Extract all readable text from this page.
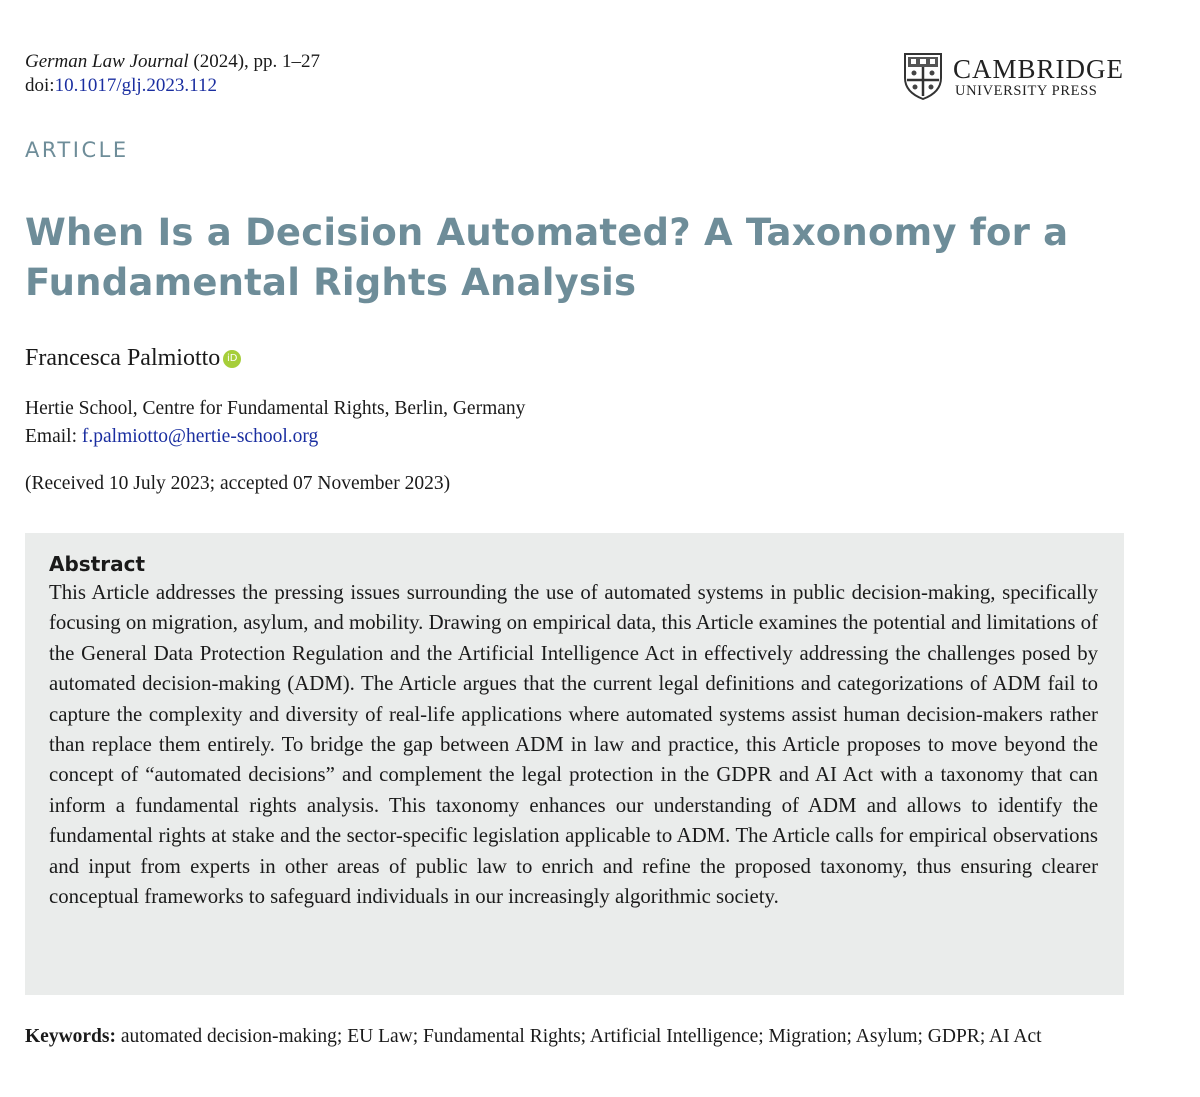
German Law Journal (2024), pp. 1–27
doi:10.1017/glj.2023.112
CAMBRIDGE
UNIVERSITY PRESS
ARTICLE
When Is a Decision Automated? A Taxonomy for a Fundamental Rights Analysis
Francesca Palmiotto iD
Hertie School, Centre for Fundamental Rights, Berlin, Germany
Email: f.palmiotto@hertie-school.org
(Received 10 July 2023; accepted 07 November 2023)
Abstract

This Article addresses the pressing issues surrounding the use of automated systems in public decision-making, specifically focusing on migration, asylum, and mobility. Drawing on empirical data, this Article examines the potential and limitations of the General Data Protection Regulation and the Artificial Intelligence Act in effectively addressing the challenges posed by automated decision-making (ADM). The Article argues that the current legal definitions and categorizations of ADM fail to capture the complexity and diversity of real-life applications where automated systems assist human decision-makers rather than replace them entirely. To bridge the gap between ADM in law and practice, this Article proposes to move beyond the concept of “automated decisions” and complement the legal protection in the GDPR and AI Act with a taxonomy that can inform a fundamental rights analysis. This taxonomy enhances our understanding of ADM and allows to identify the fundamental rights at stake and the sector-specific legislation applicable to ADM. The Article calls for empirical observations and input from experts in other areas of public law to enrich and refine the proposed taxonomy, thus ensuring clearer conceptual frameworks to safeguard individuals in our increasingly algorithmic society.

Keywords: automated decision-making; EU Law; Fundamental Rights; Artificial Intelligence; Migration; Asylum; GDPR; AI Act
